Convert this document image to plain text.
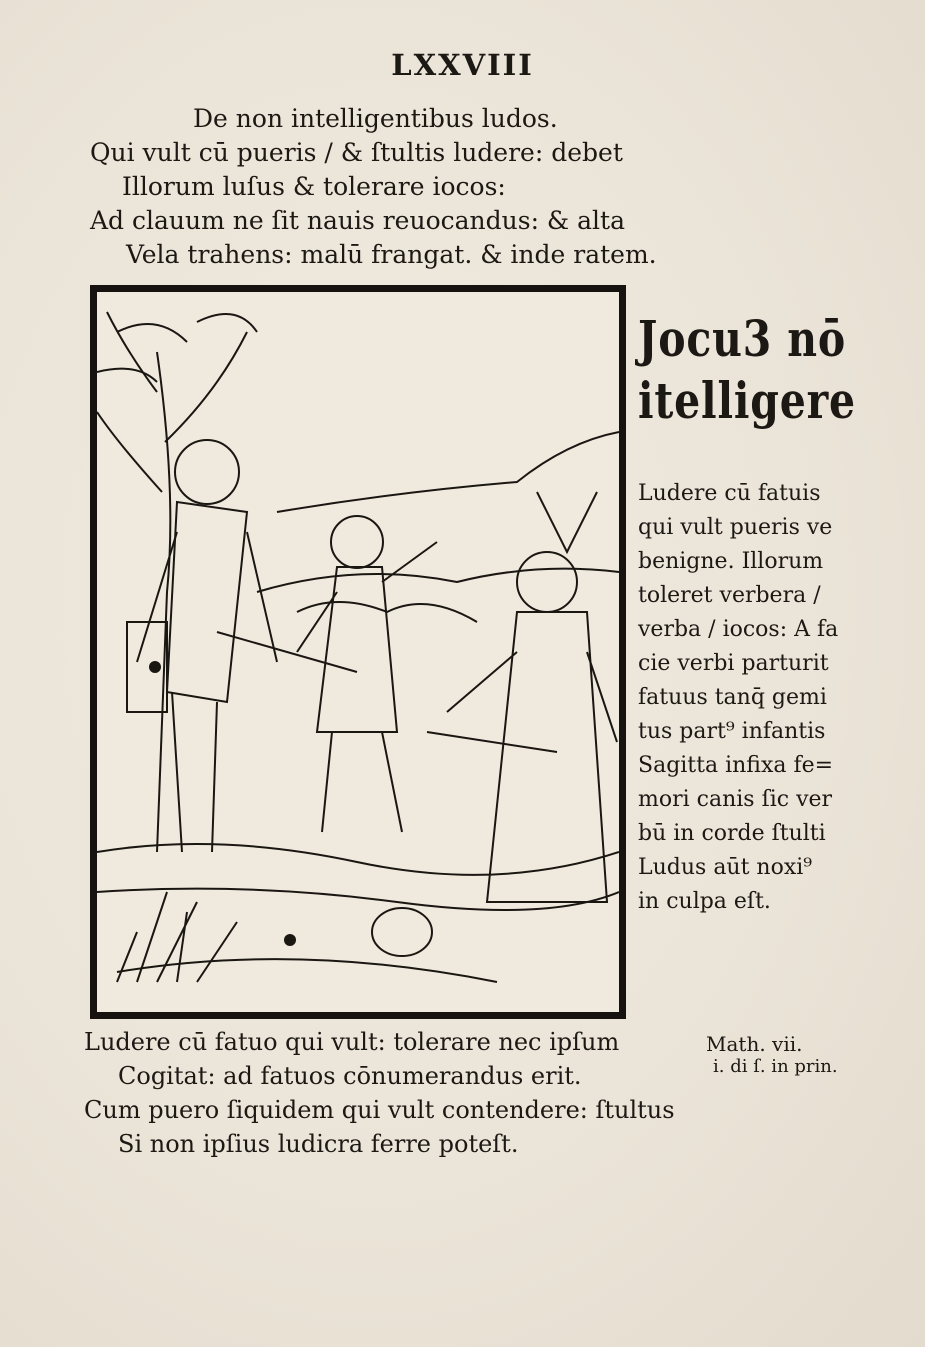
LXXVIII
De non intelligentibus ludos.
Qui vult cū pueris / & ſtultis ludere: debet
Illorum luſus & tolerare iocos:
Ad clauum ne ſit nauis reuocandus: & alta
Vela trahens: malū frangat. & inde ratem.
Jocu3 nō
itelligere
Ludere cū fatuis
qui vult pueris ve
benigne. Illorum
toleret verbera /
verba / iocos: A fa
cie verbi parturit
fatuus tanq̄ gemi
tus part⁹ infantis
Sagitta infixa fe=
mori canis ſic ver
bū in corde ſtulti
Ludus aūt noxi⁹
in culpa eſt.
Ludere cū fatuo qui vult: tolerare nec ipſum
Cogitat: ad fatuos cōnumerandus erit.
Cum puero ſiquidem qui vult contendere: ſtultus
Si non ipſius ludicra ferre poteſt.
Math. vii.
i. di ſ. in prin.
